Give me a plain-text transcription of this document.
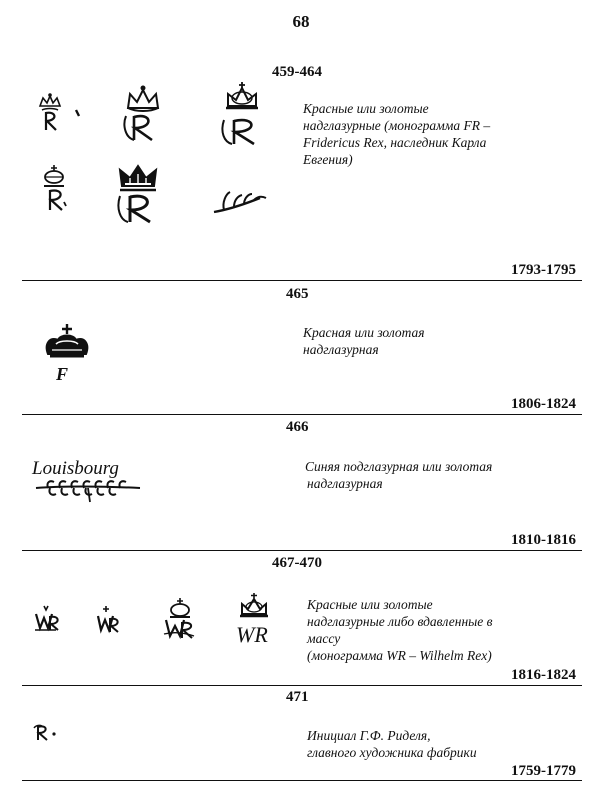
68
459-464
Красные или золотые
надглазурные (монограмма FR –
Fridericus Rex, наследник Карла
Евгения)
1793-1795
465
F
Красная или золотая
надглазурная
1806-1824
466
Louisbourg	Синяя подглазурная или золотая
надглазурная
1810-1816
467-470
WR
Красные или золотые
надглазурные либо вдавленные в
массу
(монограмма WR – Wilhelm Rex)
1816-1824
471
Инициал Г.Ф. Риделя,
главного художника фабрики
1759-1779
